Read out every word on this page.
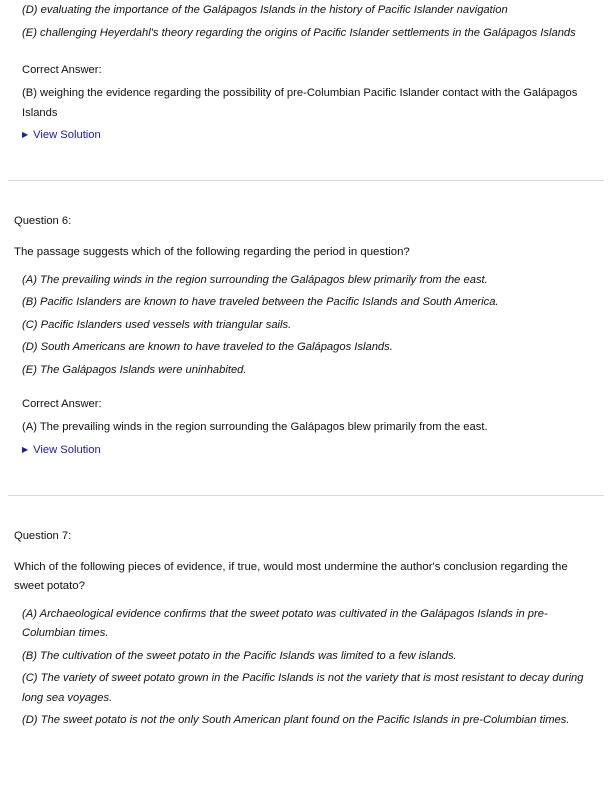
(D) evaluating the importance of the Galápagos Islands in the history of Pacific Islander navigation
(E) challenging Heyerdahl's theory regarding the origins of Pacific Islander settlements in the Galápagos Islands
Correct Answer:
(B) weighing the evidence regarding the possibility of pre-Columbian Pacific Islander contact with the Galápagos Islands
▶ View Solution
Question 6:
The passage suggests which of the following regarding the period in question?
(A) The prevailing winds in the region surrounding the Galápagos blew primarily from the east.
(B) Pacific Islanders are known to have traveled between the Pacific Islands and South America.
(C) Pacific Islanders used vessels with triangular sails.
(D) South Americans are known to have traveled to the Galápagos Islands.
(E) The Galápagos Islands were uninhabited.
Correct Answer:
(A) The prevailing winds in the region surrounding the Galápagos blew primarily from the east.
▶ View Solution
Question 7:
Which of the following pieces of evidence, if true, would most undermine the author's conclusion regarding the sweet potato?
(A) Archaeological evidence confirms that the sweet potato was cultivated in the Galápagos Islands in pre-Columbian times.
(B) The cultivation of the sweet potato in the Pacific Islands was limited to a few islands.
(C) The variety of sweet potato grown in the Pacific Islands is not the variety that is most resistant to decay during long sea voyages.
(D) The sweet potato is not the only South American plant found on the Pacific Islands in pre-Columbian times.
